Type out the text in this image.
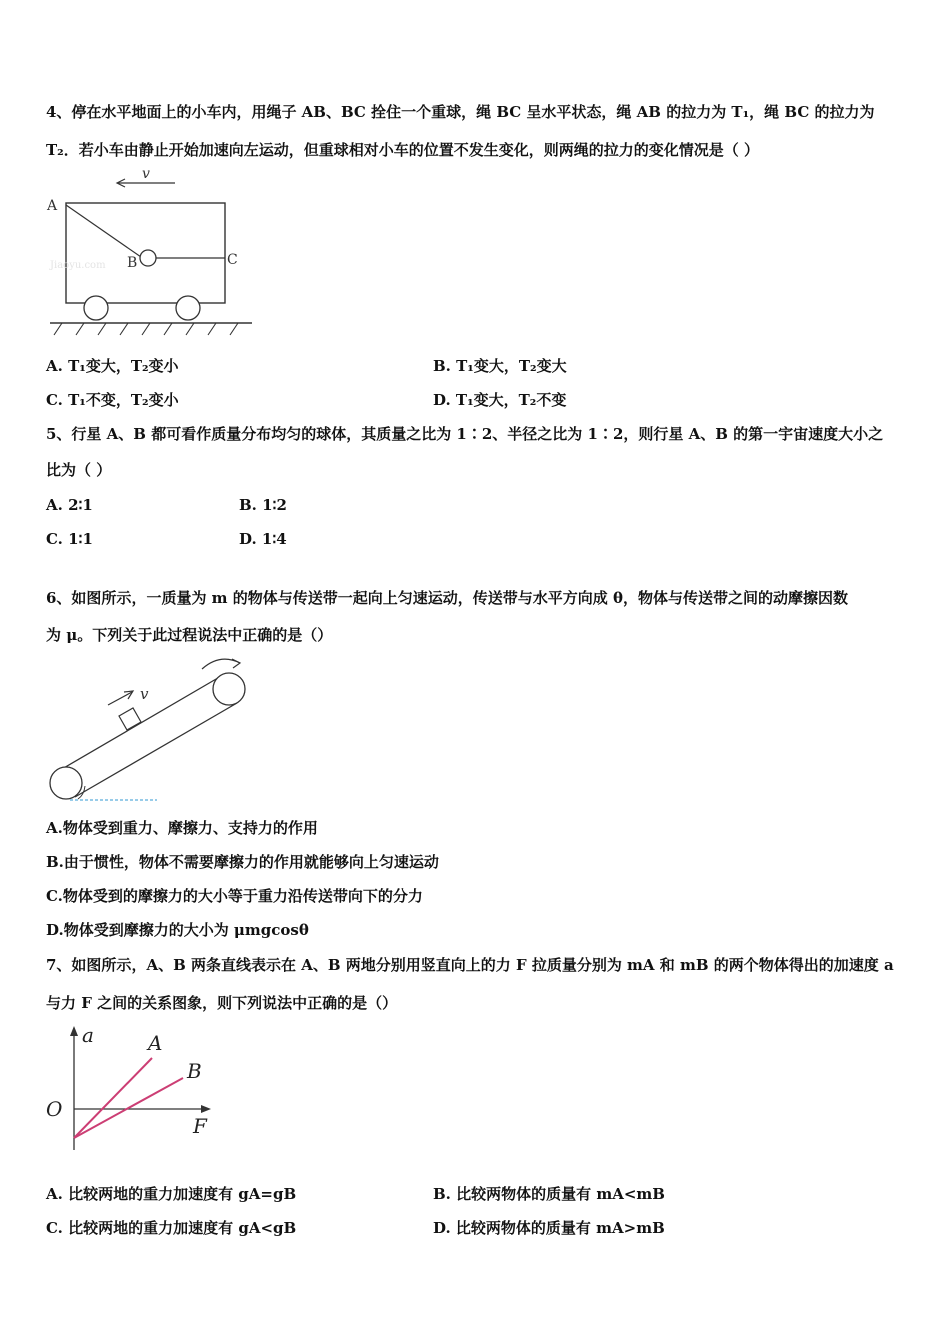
4、停在水平地面上的小车内，用绳子 AB、BC 拴住一个重球，绳 BC 呈水平状态，绳 AB 的拉力为 T₁，绳 BC 的拉力为
T₂．若小车由静止开始加速向左运动，但重球相对小车的位置不发生变化，则两绳的拉力的变化情况是（ ）
v
A
B	C
Jiaoyu.com
A. T₁变大，T₂变小	B. T₁变大，T₂变大
C. T₁不变，T₂变小	D. T₁变大，T₂不变
5、行星 A、B 都可看作质量分布均匀的球体，其质量之比为 1∶2、半径之比为 1∶2，则行星 A、B 的第一宇宙速度大小之
比为（ ）
A. 2∶1	B. 1∶2
C. 1∶1	D. 1∶4
6、如图所示，一质量为 m 的物体与传送带一起向上匀速运动，传送带与水平方向成 θ，物体与传送带之间的动摩擦因数
为 μ。下列关于此过程说法中正确的是（）
v
A.物体受到重力、摩擦力、支持力的作用
B.由于惯性，物体不需要摩擦力的作用就能够向上匀速运动
C.物体受到的摩擦力的大小等于重力沿传送带向下的分力
D.物体受到摩擦力的大小为 μmgcosθ
7、如图所示，A、B 两条直线表示在 A、B 两地分别用竖直向上的力 F 拉质量分别为 mA 和 mB 的两个物体得出的加速度 a
与力 F 之间的关系图象，则下列说法中正确的是（）
a	A
B
O
F
A. 比较两地的重力加速度有 gA=gB	B. 比较两物体的质量有 mA<mB
C. 比较两地的重力加速度有 gA<gB	D. 比较两物体的质量有 mA>mB
